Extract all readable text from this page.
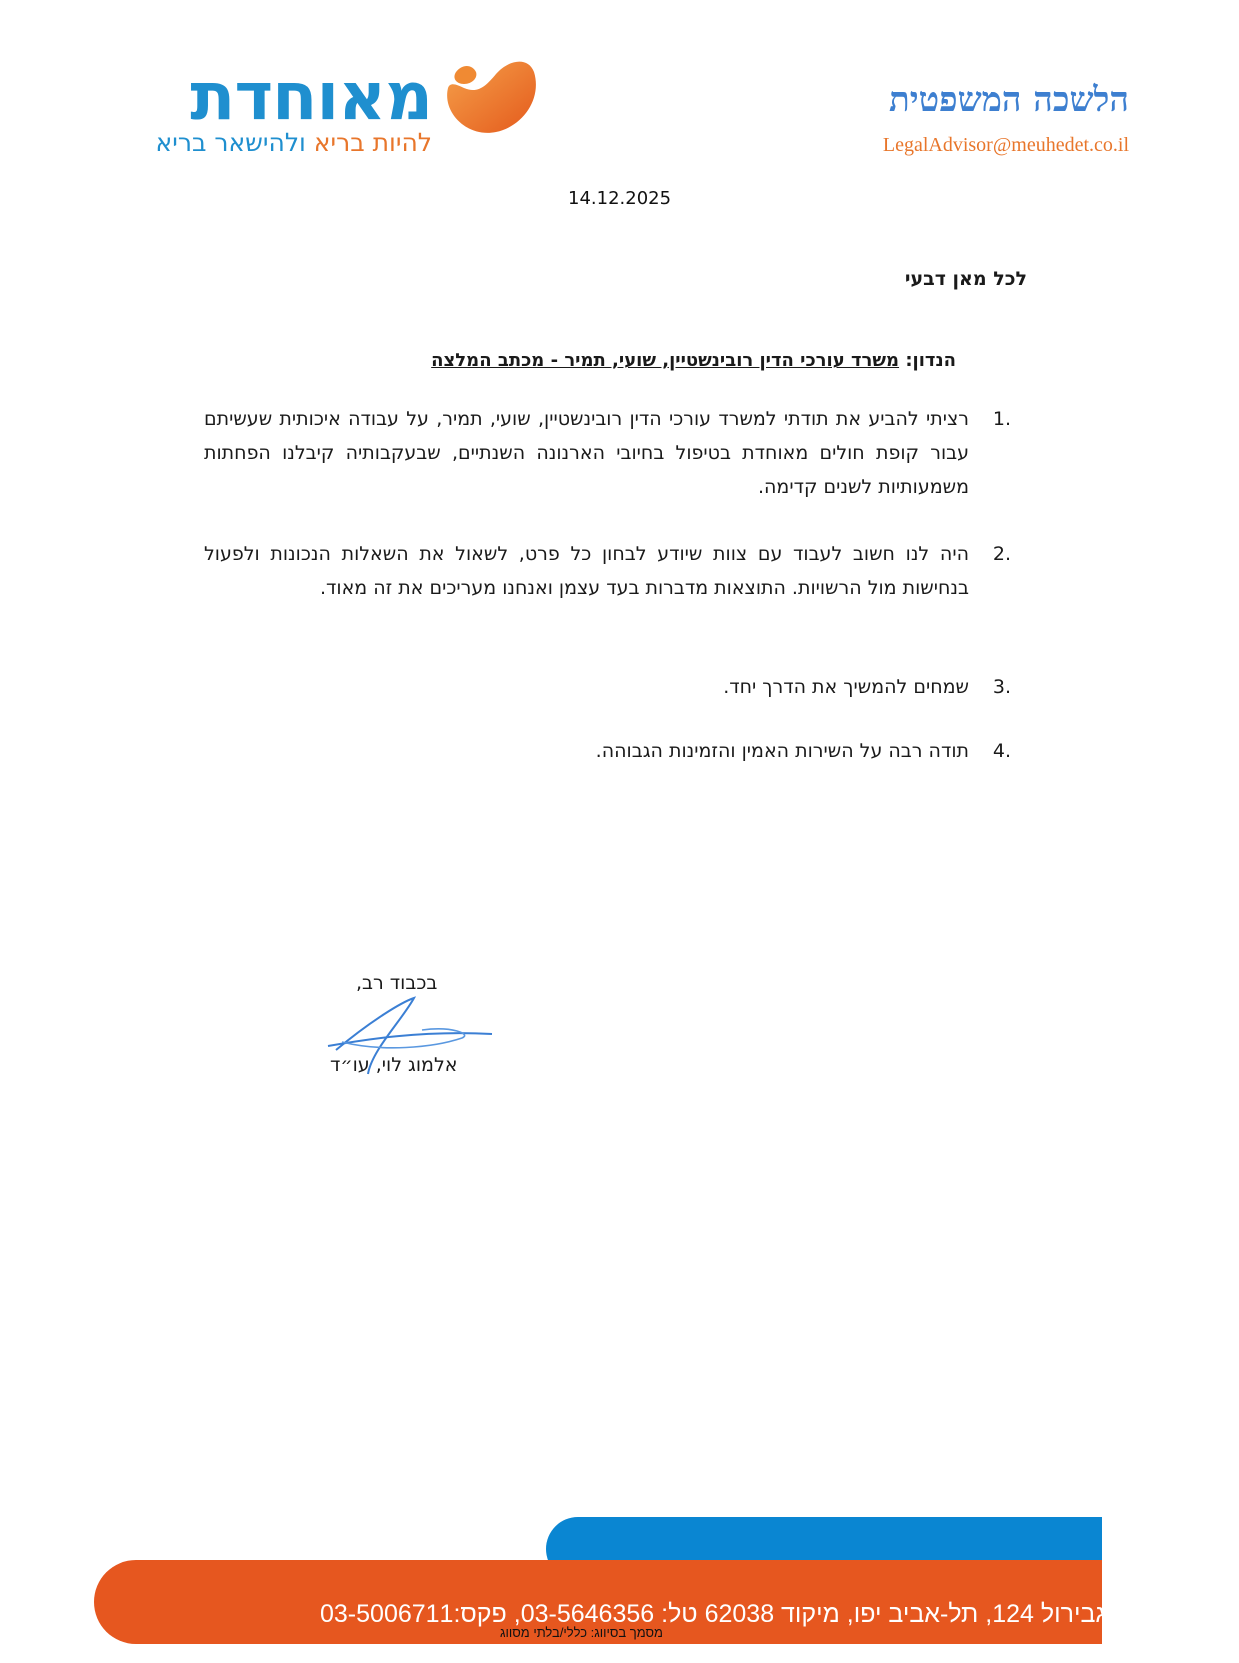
מאוחדת
להיות בריא ולהישאר בריא
הלשכה המשפטית
LegalAdvisor@meuhedet.co.il
14.12.2025
לכל מאן דבעי
הנדון: משרד עורכי הדין רובינשטיין, שועי, תמיר - מכתב המלצה
1.
רציתי להביע את תודתי למשרד עורכי הדין רובינשטיין, שועי, תמיר, על עבודה איכותית שעשיתם עבור קופת חולים מאוחדת בטיפול בחיובי הארנונה השנתיים, שבעקבותיה קיבלנו הפחתות משמעותיות לשנים קדימה.
2.
היה לנו חשוב לעבוד עם צוות שיודע לבחון כל פרט, לשאול את השאלות הנכונות ולפעול בנחישות מול הרשויות. התוצאות מדברות בעד עצמן ואנחנו מעריכים את זה מאוד.
3.
שמחים להמשיך את הדרך יחד.
4.
תודה רבה על השירות האמין והזמינות הגבוהה.
בכבוד רב,
אלמוג לוי, עו״ד
אבן גבירול 124, תל-אביב יפו, מיקוד 62038 טל: 03-5646356, פקס:03-5006711
מסמך בסיווג: כללי/בלתי מסווג
